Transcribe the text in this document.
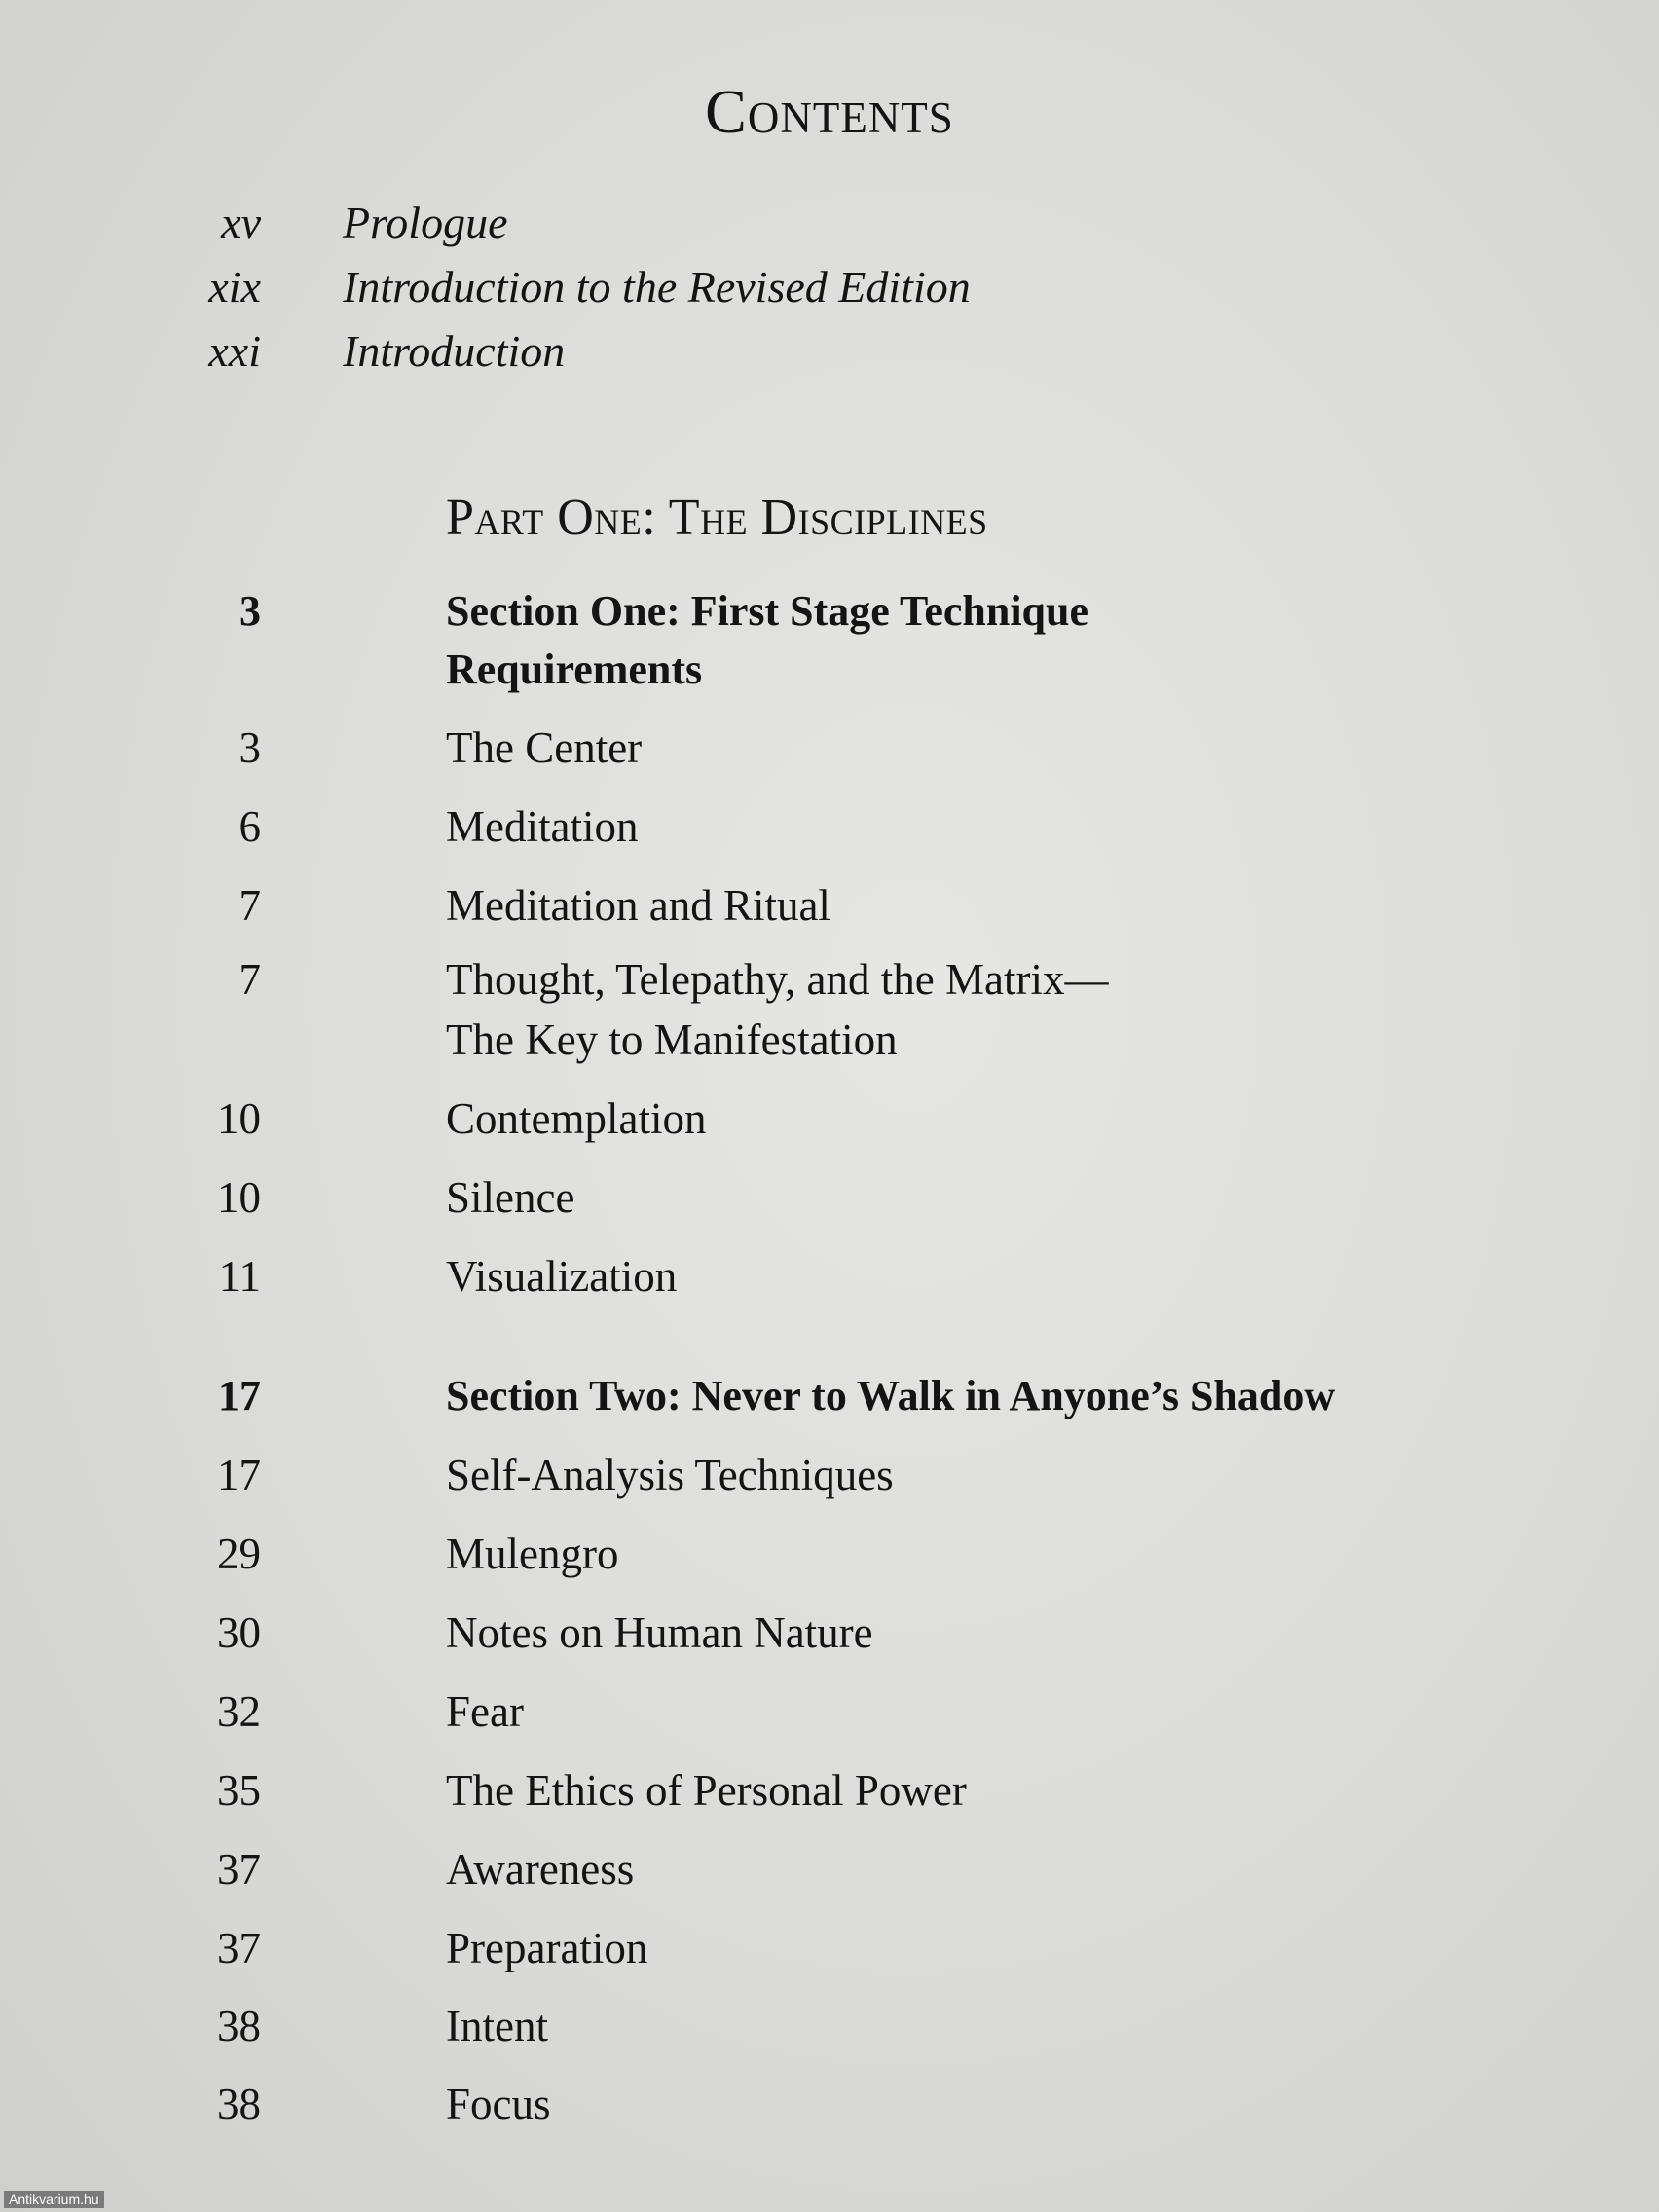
Contents
xv Prologue
xix Introduction to the Revised Edition
xxi Introduction
Part One: The Disciplines
3	Section One: First Stage Technique
Requirements
3	The Center
6	Meditation
7	Meditation and Ritual
7	Thought, Telepathy, and the Matrix—
The Key to Manifestation
10	Contemplation
10	Silence
11	Visualization
17	Section Two: Never to Walk in Anyone’s Shadow
17	Self-Analysis Techniques
29	Mulengro
30	Notes on Human Nature
32	Fear
35	The Ethics of Personal Power
37	Awareness
37	Preparation
38	Intent
38	Focus
Antikvarium.hu
